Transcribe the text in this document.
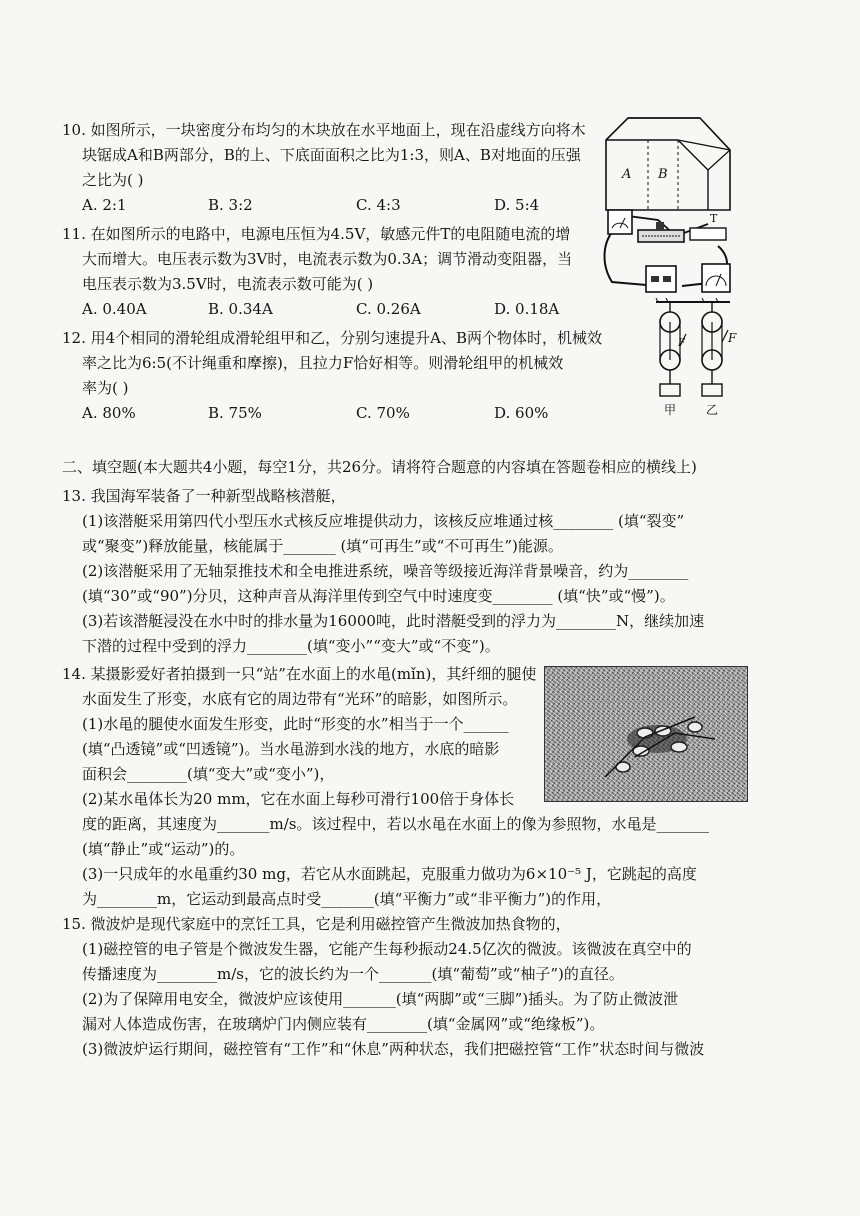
10. 如图所示，一块密度分布均匀的木块放在水平地面上，现在沿虚线方向将木
块锯成A和B两部分，B的上、下底面面积之比为1:3，则A、B对地面的压强
之比为( )
A. 2:1	B. 3:2	C. 4:3	D. 5:4
A B
11. 在如图所示的电路中，电源电压恒为4.5V，敏感元件T的电阻随电流的增
大而增大。电压表示数为3V时，电流表示数为0.3A；调节滑动变阻器，当
电压表示数为3.5V时，电流表示数可能为( )
A. 0.40A	B. 0.34A	C. 0.26A	D. 0.18A
T
12. 用4个相同的滑轮组成滑轮组甲和乙，分别匀速提升A、B两个物体时，机械效
率之比为6:5(不计绳重和摩擦)，且拉力F恰好相等。则滑轮组甲的机械效
率为( )
A. 80%	B. 75%	C. 70%	D. 60%
F
甲
F
乙
二、填空题(本大题共4小题，每空1分，共26分。请将符合题意的内容填在答题卷相应的横线上)
13. 我国海军装备了一种新型战略核潜艇，
(1)该潜艇采用第四代小型压水式核反应堆提供动力，该核反应堆通过核________ (填“裂变”
或“聚变”)释放能量，核能属于_______ (填“可再生”或“不可再生”)能源。
(2)该潜艇采用了无轴泵推技术和全电推进系统，噪音等级接近海洋背景噪音，约为________
(填“30”或“90”)分贝，这种声音从海洋里传到空气中时速度变________ (填“快”或“慢”)。
(3)若该潜艇浸没在水中时的排水量为16000吨，此时潜艇受到的浮力为________N，继续加速
下潜的过程中受到的浮力________(填“变小”“变大”或“不变”)。
14. 某摄影爱好者拍摄到一只“站”在水面上的水黾(mǐn)，其纤细的腿使
水面发生了形变，水底有它的周边带有“光环”的暗影，如图所示。
(1)水黾的腿使水面发生形变，此时“形变的水”相当于一个______
(填“凸透镜”或“凹透镜”)。当水黾游到水浅的地方，水底的暗影
面积会________(填“变大”或“变小”)，
(2)某水黾体长为20 mm，它在水面上每秒可滑行100倍于身体长
度的距离，其速度为_______m/s。该过程中，若以水黾在水面上的像为参照物，水黾是_______
(填“静止”或“运动”)的。
(3)一只成年的水黾重约30 mg，若它从水面跳起，克服重力做功为6×10⁻⁵ J，它跳起的高度
为________m，它运动到最高点时受_______(填“平衡力”或“非平衡力”)的作用，
15. 微波炉是现代家庭中的烹饪工具，它是利用磁控管产生微波加热食物的，
(1)磁控管的电子管是个微波发生器，它能产生每秒振动24.5亿次的微波。该微波在真空中的
传播速度为________m/s，它的波长约为一个_______(填“葡萄”或“柚子”)的直径。
(2)为了保障用电安全，微波炉应该使用_______(填“两脚”或“三脚”)插头。为了防止微波泄
漏对人体造成伤害，在玻璃炉门内侧应装有________(填“金属网”或“绝缘板”)。
(3)微波炉运行期间，磁控管有“工作”和“休息”两种状态，我们把磁控管“工作”状态时间与微波
